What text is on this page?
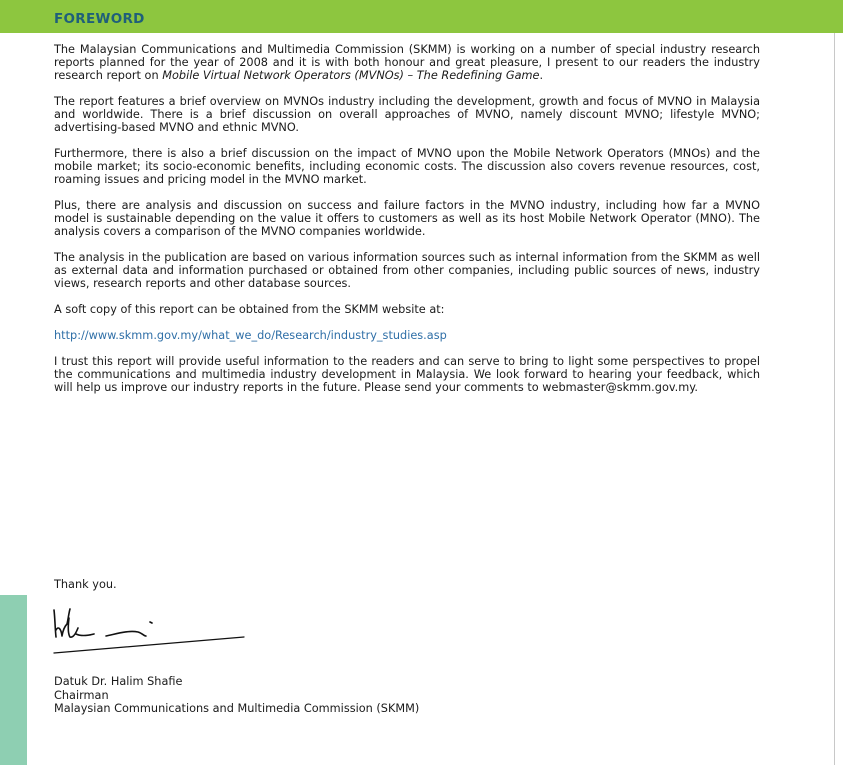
FOREWORD

The Malaysian Communications and Multimedia Commission (SKMM) is working on a number of special industry research reports planned for the year of 2008 and it is with both honour and great pleasure, I present to our readers the industry research report on Mobile Virtual Network Operators (MVNOs) – The Redefining Game.

The report features a brief overview on MVNOs industry including the development, growth and focus of MVNO in Malaysia and worldwide. There is a brief discussion on overall approaches of MVNO, namely discount MVNO; lifestyle MVNO; advertising-based MVNO and ethnic MVNO.

Furthermore, there is also a brief discussion on the impact of MVNO upon the Mobile Network Operators (MNOs) and the mobile market; its socio-economic benefits, including economic costs. The discussion also covers revenue resources, cost, roaming issues and pricing model in the MVNO market.

Plus, there are analysis and discussion on success and failure factors in the MVNO industry, including how far a MVNO model is sustainable depending on the value it offers to customers as well as its host Mobile Network Operator (MNO). The analysis covers a comparison of the MVNO companies worldwide.

The analysis in the publication are based on various information sources such as internal information from the SKMM as well as external data and information purchased or obtained from other companies, including public sources of news, industry views, research reports and other database sources.

A soft copy of this report can be obtained from the SKMM website at:

http://www.skmm.gov.my/what_we_do/Research/industry_studies.asp

I trust this report will provide useful information to the readers and can serve to bring to light some perspectives to propel the communications and multimedia industry development in Malaysia. We look forward to hearing your feedback, which will help us improve our industry reports in the future. Please send your comments to webmaster@skmm.gov.my.

Thank you.
Datuk Dr. Halim Shafie
Chairman
Malaysian Communications and Multimedia Commission (SKMM)
